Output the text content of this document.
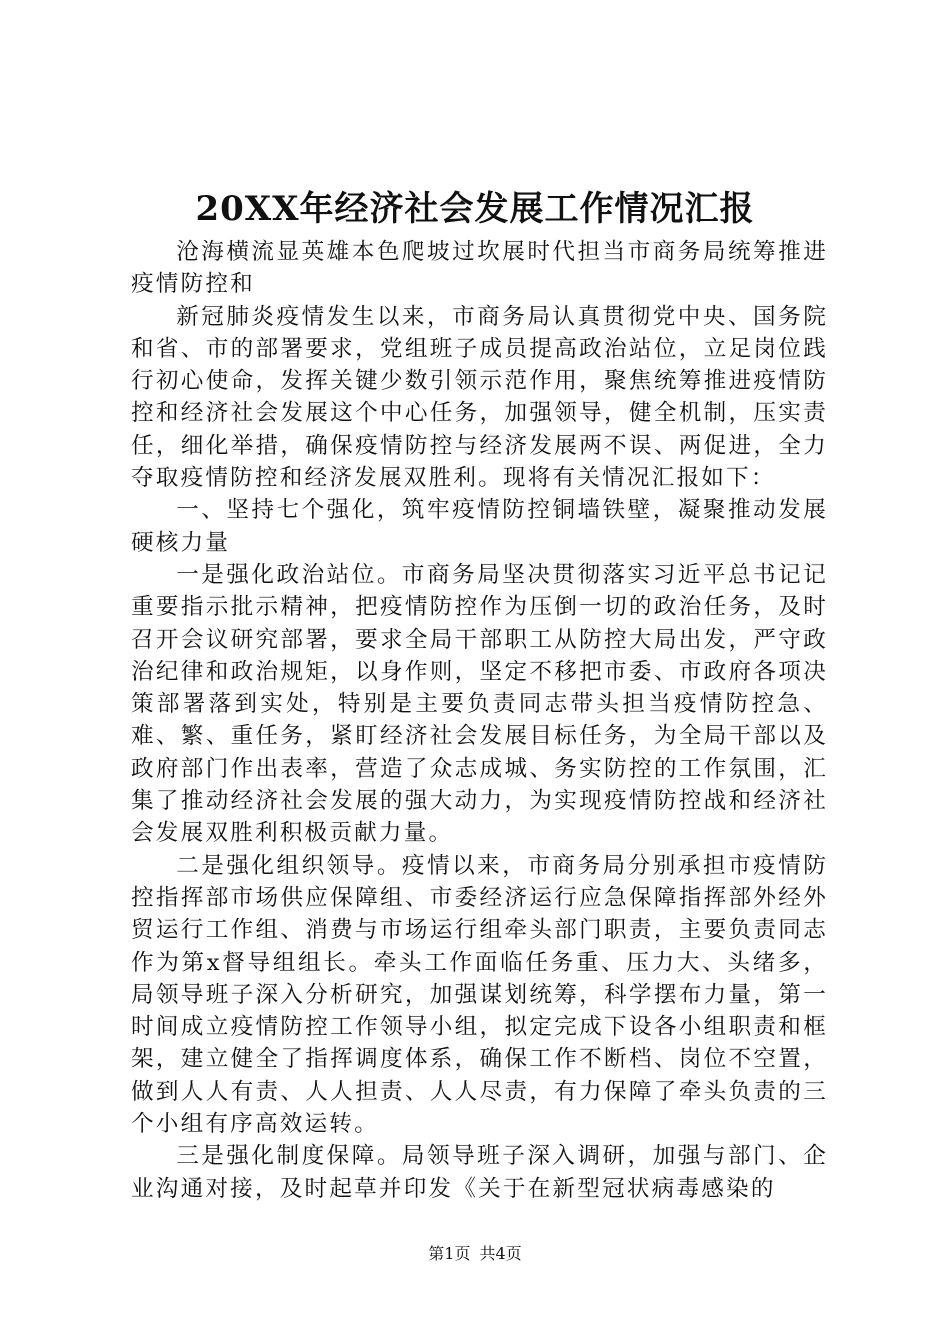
20XX年经济社会发展工作情况汇报

沧海横流显英雄本色爬坡过坎展时代担当市商务局统筹推进疫情防控和

新冠肺炎疫情发生以来，市商务局认真贯彻党中央、国务院和省、市的部署要求，党组班子成员提高政治站位，立足岗位践行初心使命，发挥关键少数引领示范作用，聚焦统筹推进疫情防控和经济社会发展这个中心任务，加强领导，健全机制，压实责任，细化举措，确保疫情防控与经济发展两不误、两促进，全力夺取疫情防控和经济发展双胜利。现将有关情况汇报如下：

一、坚持七个强化，筑牢疫情防控铜墙铁壁，凝聚推动发展硬核力量

一是强化政治站位。市商务局坚决贯彻落实习近平总书记记重要指示批示精神，把疫情防控作为压倒一切的政治任务，及时召开会议研究部署，要求全局干部职工从防控大局出发，严守政治纪律和政治规矩，以身作则，坚定不移把市委、市政府各项决策部署落到实处，特别是主要负责同志带头担当疫情防控急、难、繁、重任务，紧盯经济社会发展目标任务，为全局干部以及政府部门作出表率，营造了众志成城、务实防控的工作氛围，汇集了推动经济社会发展的强大动力，为实现疫情防控战和经济社会发展双胜利积极贡献力量。

二是强化组织领导。疫情以来，市商务局分别承担市疫情防控指挥部市场供应保障组、市委经济运行应急保障指挥部外经外贸运行工作组、消费与市场运行组牵头部门职责，主要负责同志作为第x督导组组长。牵头工作面临任务重、压力大、头绪多，局领导班子深入分析研究，加强谋划统筹，科学摆布力量，第一时间成立疫情防控工作领导小组，拟定完成下设各小组职责和框架，建立健全了指挥调度体系，确保工作不断档、岗位不空置，做到人人有责、人人担责、人人尽责，有力保障了牵头负责的三个小组有序高效运转。

三是强化制度保障。局领导班子深入调研，加强与部门、企业沟通对接，及时起草并印发《关于在新型冠状病毒感染的

第1页 共4页
